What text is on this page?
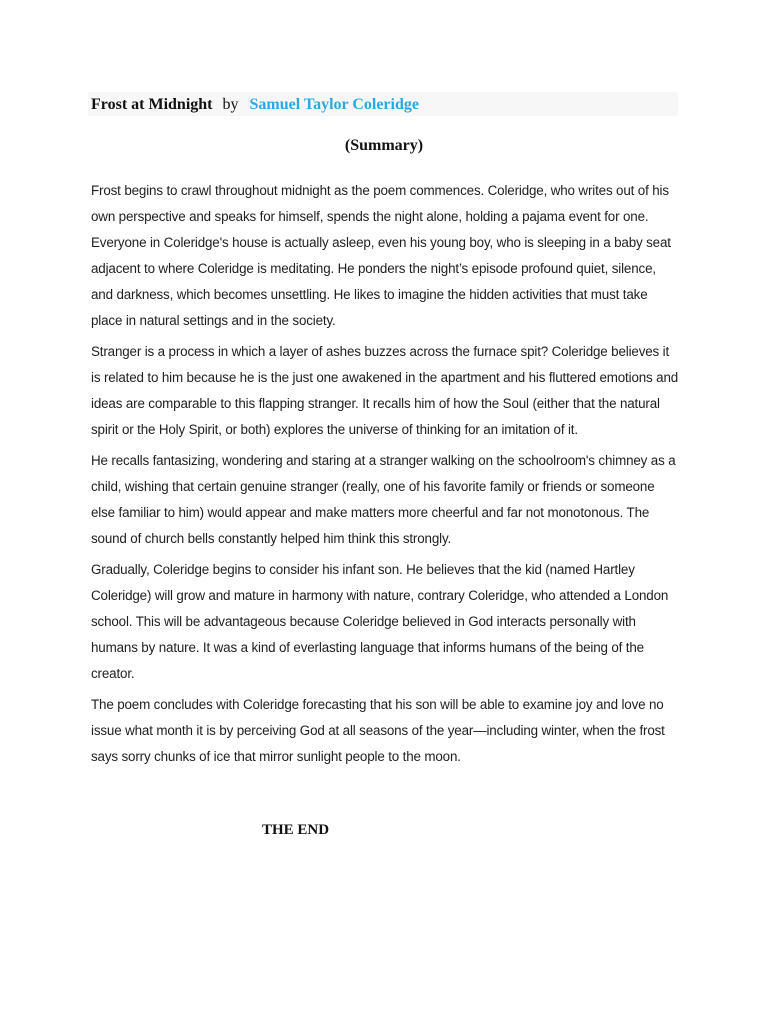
Frost at Midnight by Samuel Taylor Coleridge
(Summary)

Frost begins to crawl throughout midnight as the poem commences. Coleridge, who writes out of his own perspective and speaks for himself, spends the night alone, holding a pajama event for one. Everyone in Coleridge's house is actually asleep, even his young boy, who is sleeping in a baby seat adjacent to where Coleridge is meditating. He ponders the night’s episode profound quiet, silence, and darkness, which becomes unsettling. He likes to imagine the hidden activities that must take place in natural settings and in the society.

Stranger is a process in which a layer of ashes buzzes across the furnace spit? Coleridge believes it is related to him because he is the just one awakened in the apartment and his fluttered emotions and ideas are comparable to this flapping stranger. It recalls him of how the Soul (either that the natural spirit or the Holy Spirit, or both) explores the universe of thinking for an imitation of it.

He recalls fantasizing, wondering and staring at a stranger walking on the schoolroom's chimney as a child, wishing that certain genuine stranger (really, one of his favorite family or friends or someone else familiar to him) would appear and make matters more cheerful and far not monotonous. The sound of church bells constantly helped him think this strongly.

Gradually, Coleridge begins to consider his infant son. He believes that the kid (named Hartley Coleridge) will grow and mature in harmony with nature, contrary Coleridge, who attended a London school. This will be advantageous because Coleridge believed in God interacts personally with humans by nature. It was a kind of everlasting language that informs humans of the being of the creator.

The poem concludes with Coleridge forecasting that his son will be able to examine joy and love no issue what month it is by perceiving God at all seasons of the year—including winter, when the frost says sorry chunks of ice that mirror sunlight people to the moon.

THE END
